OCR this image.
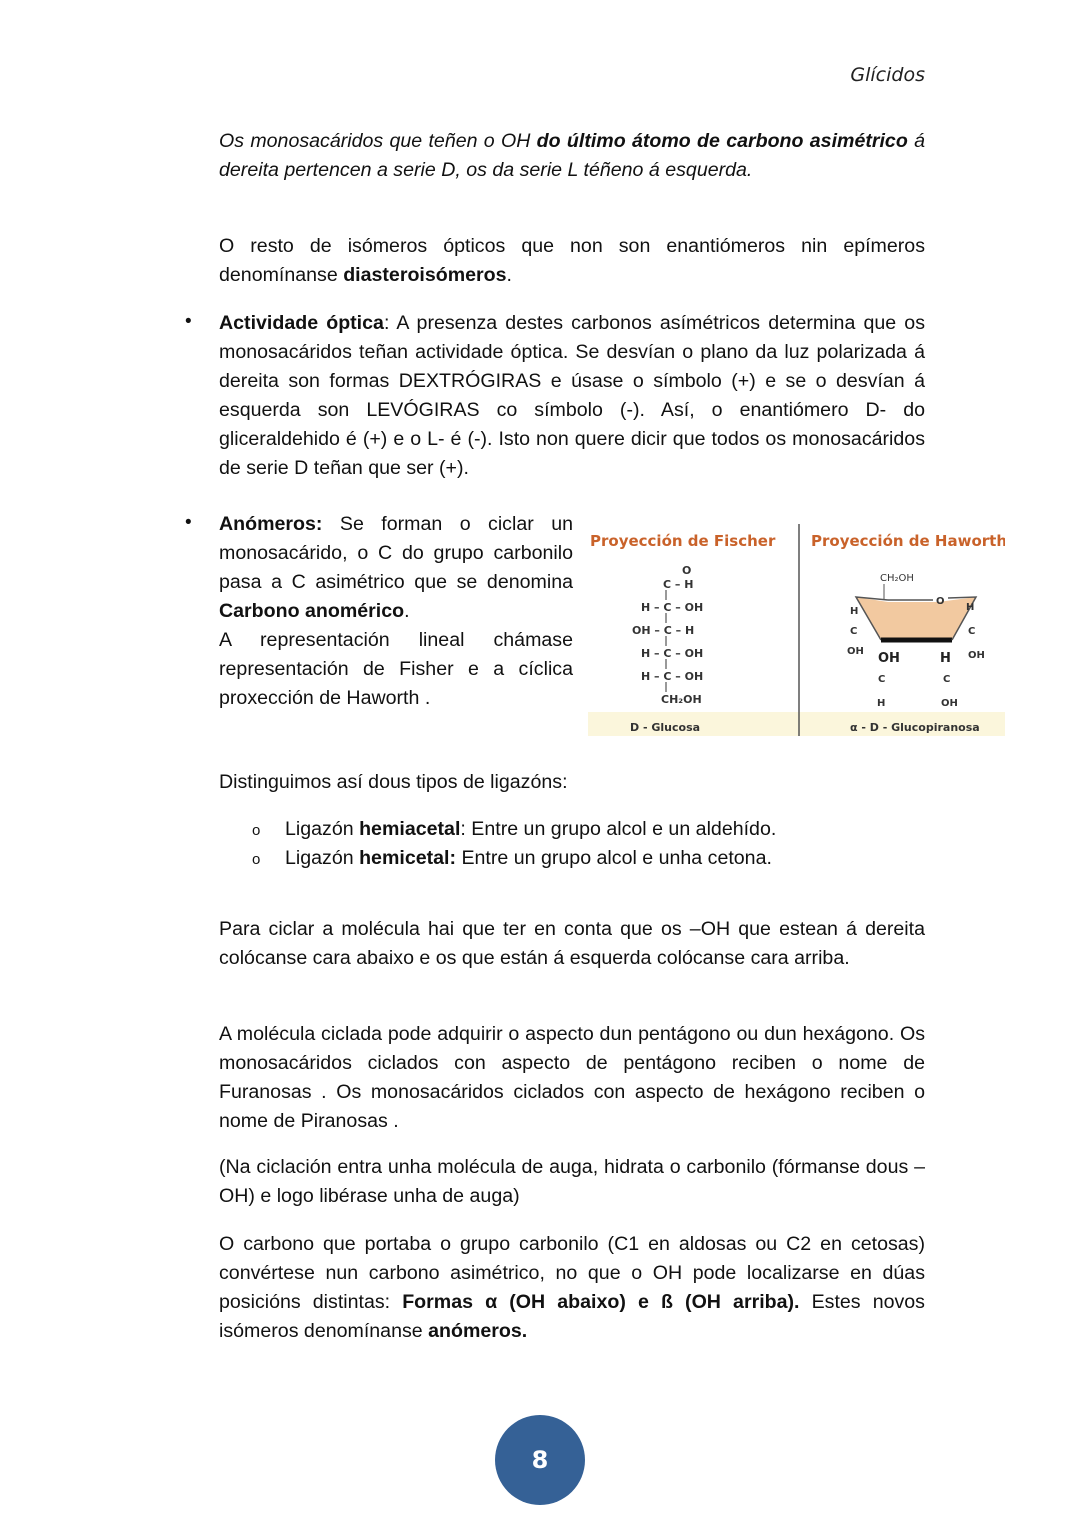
Glícidos

Os monosacáridos que teñen o OH do último átomo de carbono asimétrico á dereita pertencen a serie D, os da serie L téñeno á esquerda.

O resto de isómeros ópticos que non son enantiómeros nin epímeros denomínanse diasteroisómeros.

• Actividade óptica: A presenza destes carbonos asímétricos determina que os monosacáridos teñan actividade óptica. Se desvían o plano da luz polarizada á dereita son formas DEXTRÓGIRAS e úsase o símbolo (+) e se o desvían á esquerda son LEVÓGIRAS co símbolo (-). Así, o enantiómero D- do gliceraldehido é (+) e o L- é (-). Isto non quere dicir que todos os monosacáridos de serie D teñan que ser (+).

• Anómeros: Se forman o ciclar un monosacárido, o C do grupo carbonilo pasa a C asimétrico que se denomina Carbono anomérico.
A representación lineal chámase representación de Fisher e a cíclica proxección de Haworth .

Proyección de Fischer Proyección de Haworth
O
C – H
H – C – OH
OH – C – H
H – C – OH
H – C – OH
CH₂OH
D - Glucosa
CH₂OH
O
H
C
OH
H
C
OH
C	C
H	OH
OH	H
α - D - Glucopiranosa

Distinguimos así dous tipos de ligazóns:

o Ligazón hemiacetal: Entre un grupo alcol e un aldehído.
o Ligazón hemicetal: Entre un grupo alcol e unha cetona.

Para ciclar a molécula hai que ter en conta que os –OH que estean á dereita colócanse cara abaixo e os que están á esquerda colócanse cara arriba.

A molécula ciclada pode adquirir o aspecto dun pentágono ou dun hexágono. Os monosacáridos ciclados con aspecto de pentágono reciben o nome de Furanosas . Os monosacáridos ciclados con aspecto de hexágono reciben o nome de Piranosas .

(Na ciclación entra unha molécula de auga, hidrata o carbonilo (fórmanse dous –OH) e logo libérase unha de auga)

O carbono que portaba o grupo carbonilo (C1 en aldosas ou C2 en cetosas) convértese nun carbono asimétrico, no que o OH pode localizarse en dúas posicións distintas: Formas α (OH abaixo) e ß (OH arriba). Estes novos isómeros denomínanse anómeros.

8
